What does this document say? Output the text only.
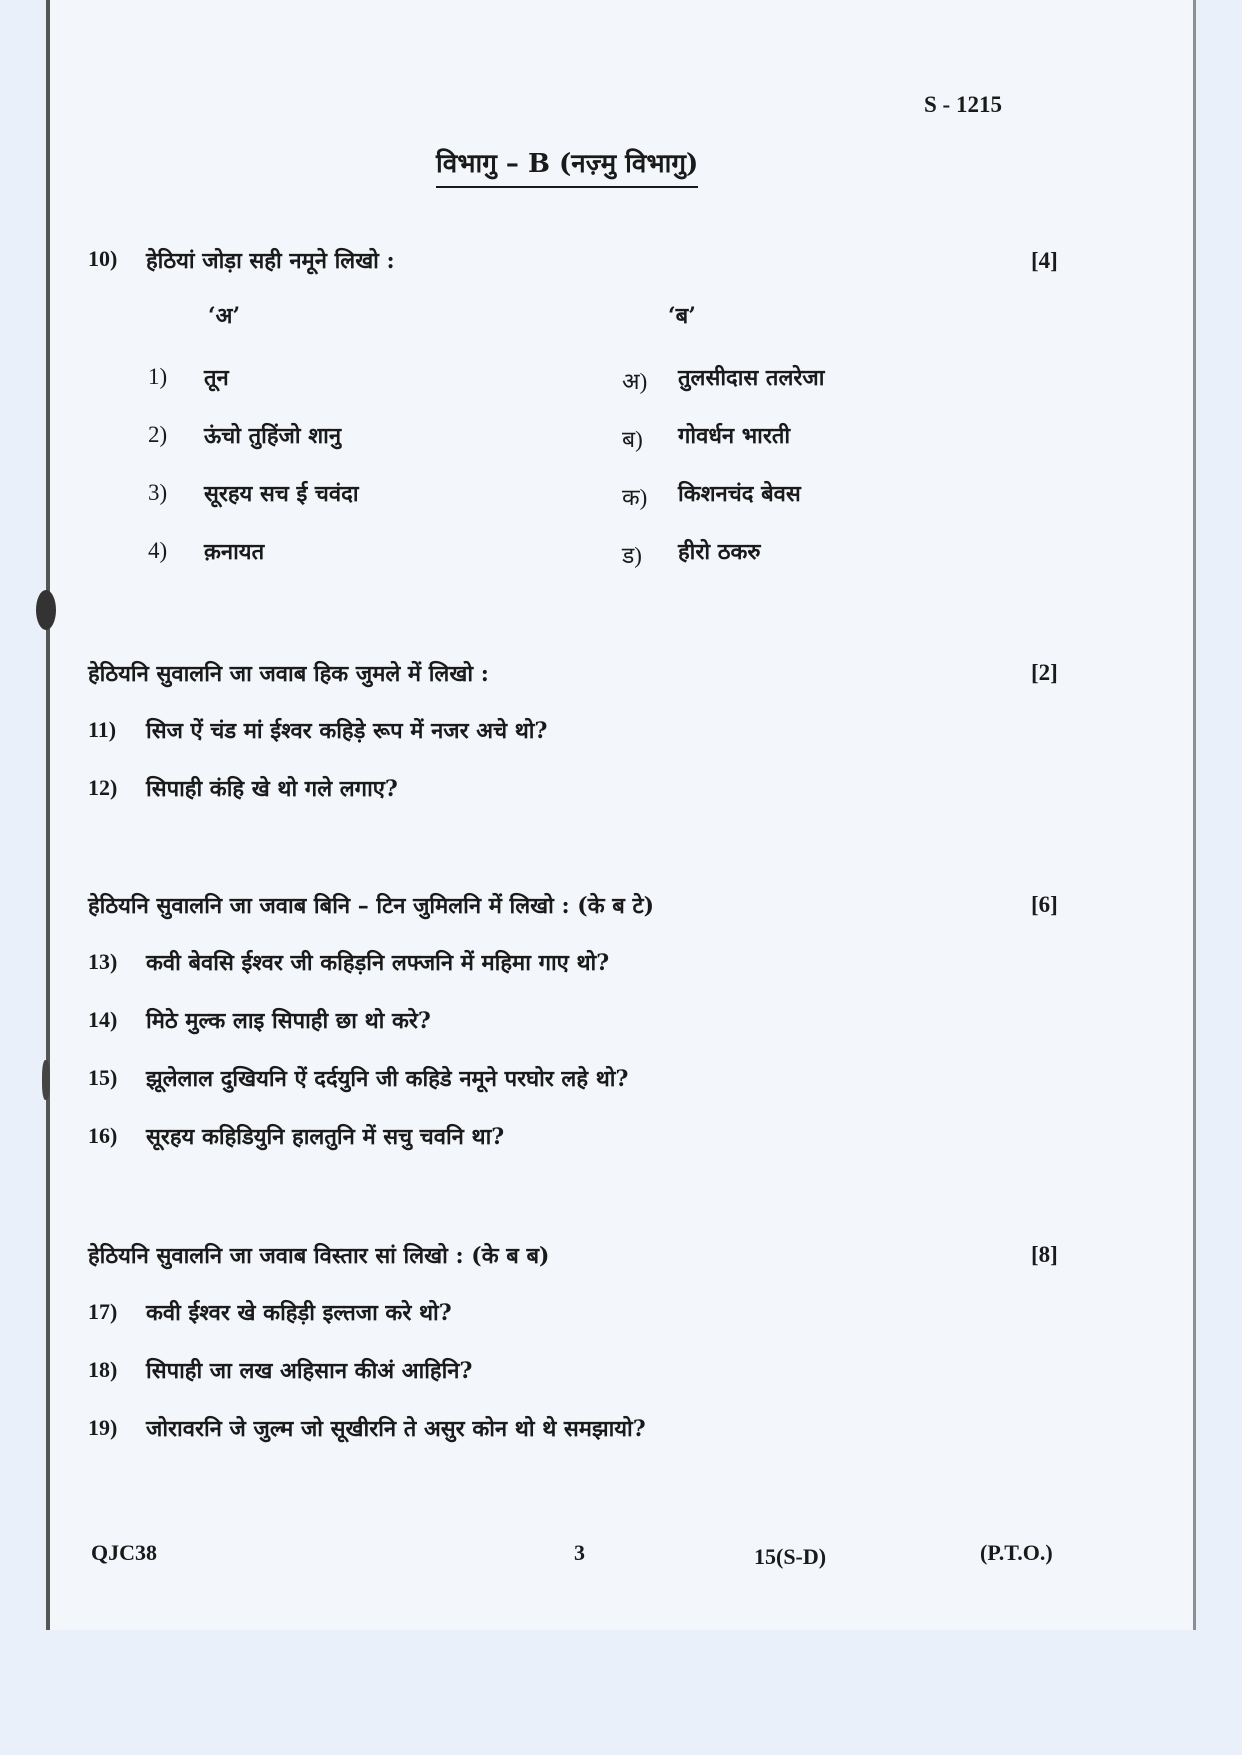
S - 1215
विभागु – B (नज़्मु विभागु)
10) हेठियां जोड़ा सही नमूने लिखो :	[4]
‘अ’	‘ब’
1) तून	अ) तुलसीदास तलरेजा
2) ऊंचो तुहिंजो शानु	ब) गोवर्धन भारती
3) सूरहय सच ई चवंदा	क) किशनचंद बेवस
4) क़नायत	ड) हीरो ठकरु
हेठियनि सुवालनि जा जवाब हिक जुमले में लिखो :	[2]
11) सिज ऐं चंड मां ईश्वर कहिड़े रूप में नजर अचे थो?
12) सिपाही कंहि खे थो गले लगाए?
हेठियनि सुवालनि जा जवाब बिनि – टिन जुमिलनि में लिखो : (के ब टे)	[6]
13) कवी बेवसि ईश्वर जी कहिड़नि लफ्जनि में महिमा गाए थो?
14) मिठे मुल्क लाइ सिपाही छा थो करे?
15) झूलेलाल दुखियनि ऐं दर्दयुनि जी कहिडे नमूने परघोर लहे थो?
16) सूरहय कहिडियुनि हालतुनि में सचु चवनि था?
हेठियनि सुवालनि जा जवाब विस्तार सां लिखो : (के ब ब)	[8]
17) कवी ईश्वर खे कहिड़ी इल्तजा करे थो?
18) सिपाही जा लख अहिसान कीअं आहिनि?
19) जोरावरनि जे जुल्म जो सूखीरनि ते असुर कोन थो थे समझायो?
QJC38	3	15(S-D)	(P.T.O.)
